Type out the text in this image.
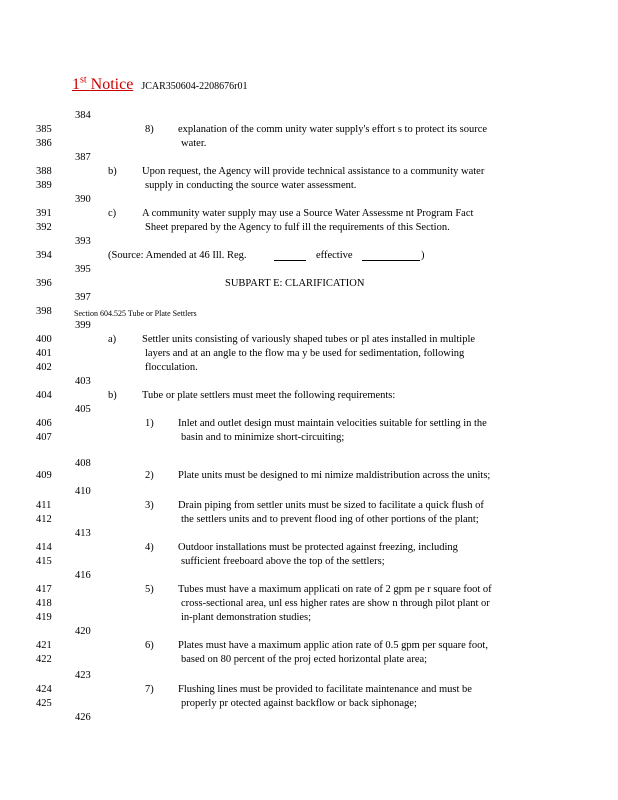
1st Notice JCAR350604-2208676r01
384
385	8) explanation of the comm unity water supply's effort s to protect its source
386	water.
387
388	b) Upon request, the Agency will provide technical assistance to a community water
389	supply in conducting the source water assessment.
390
391	c) A community water supply may use a Source Water Assessme nt Program Fact
392	Sheet prepared by the Agency to fulf ill the requirements of this Section.
393
394	(Source: Amended at 46 Ill. Reg.	effective	)
395
396	SUBPART E: CLARIFICATION
397
398	Section 604.525 Tube or Plate Settlers
399
400	a) Settler units consisting of variously shaped tubes or pl ates installed in multiple
401	layers and at an angle to the flow ma y be used for sedimentation, following
402	flocculation.
403
404	b) Tube or plate settlers must meet the following requirements:
405
406	1) Inlet and outlet design must maintain velocities suitable for settling in the
407	basin and to minimize short-circuiting;
408
409	2) Plate units must be designed to mi nimize maldistribution across the units;
410
411	3) Drain piping from settler units must be sized to facilitate a quick flush of
412	the settlers units and to prevent flood ing of other portions of the plant;
413
414	4) Outdoor installations must be protected against freezing, including
415	sufficient freeboard above the top of the settlers;
416
417	5) Tubes must have a maximum applicati on rate of 2 gpm pe r square foot of
418	cross-sectional area, unl ess higher rates are show n through pilot plant or
419	in-plant demonstration studies;
420
421	6) Plates must have a maximum applic ation rate of 0.5 gpm per square foot,
422	based on 80 percent of the proj ected horizontal plate area;
423
424	7) Flushing lines must be provided to facilitate maintenance and must be
425	properly pr otected against backflow or back siphonage;
426
